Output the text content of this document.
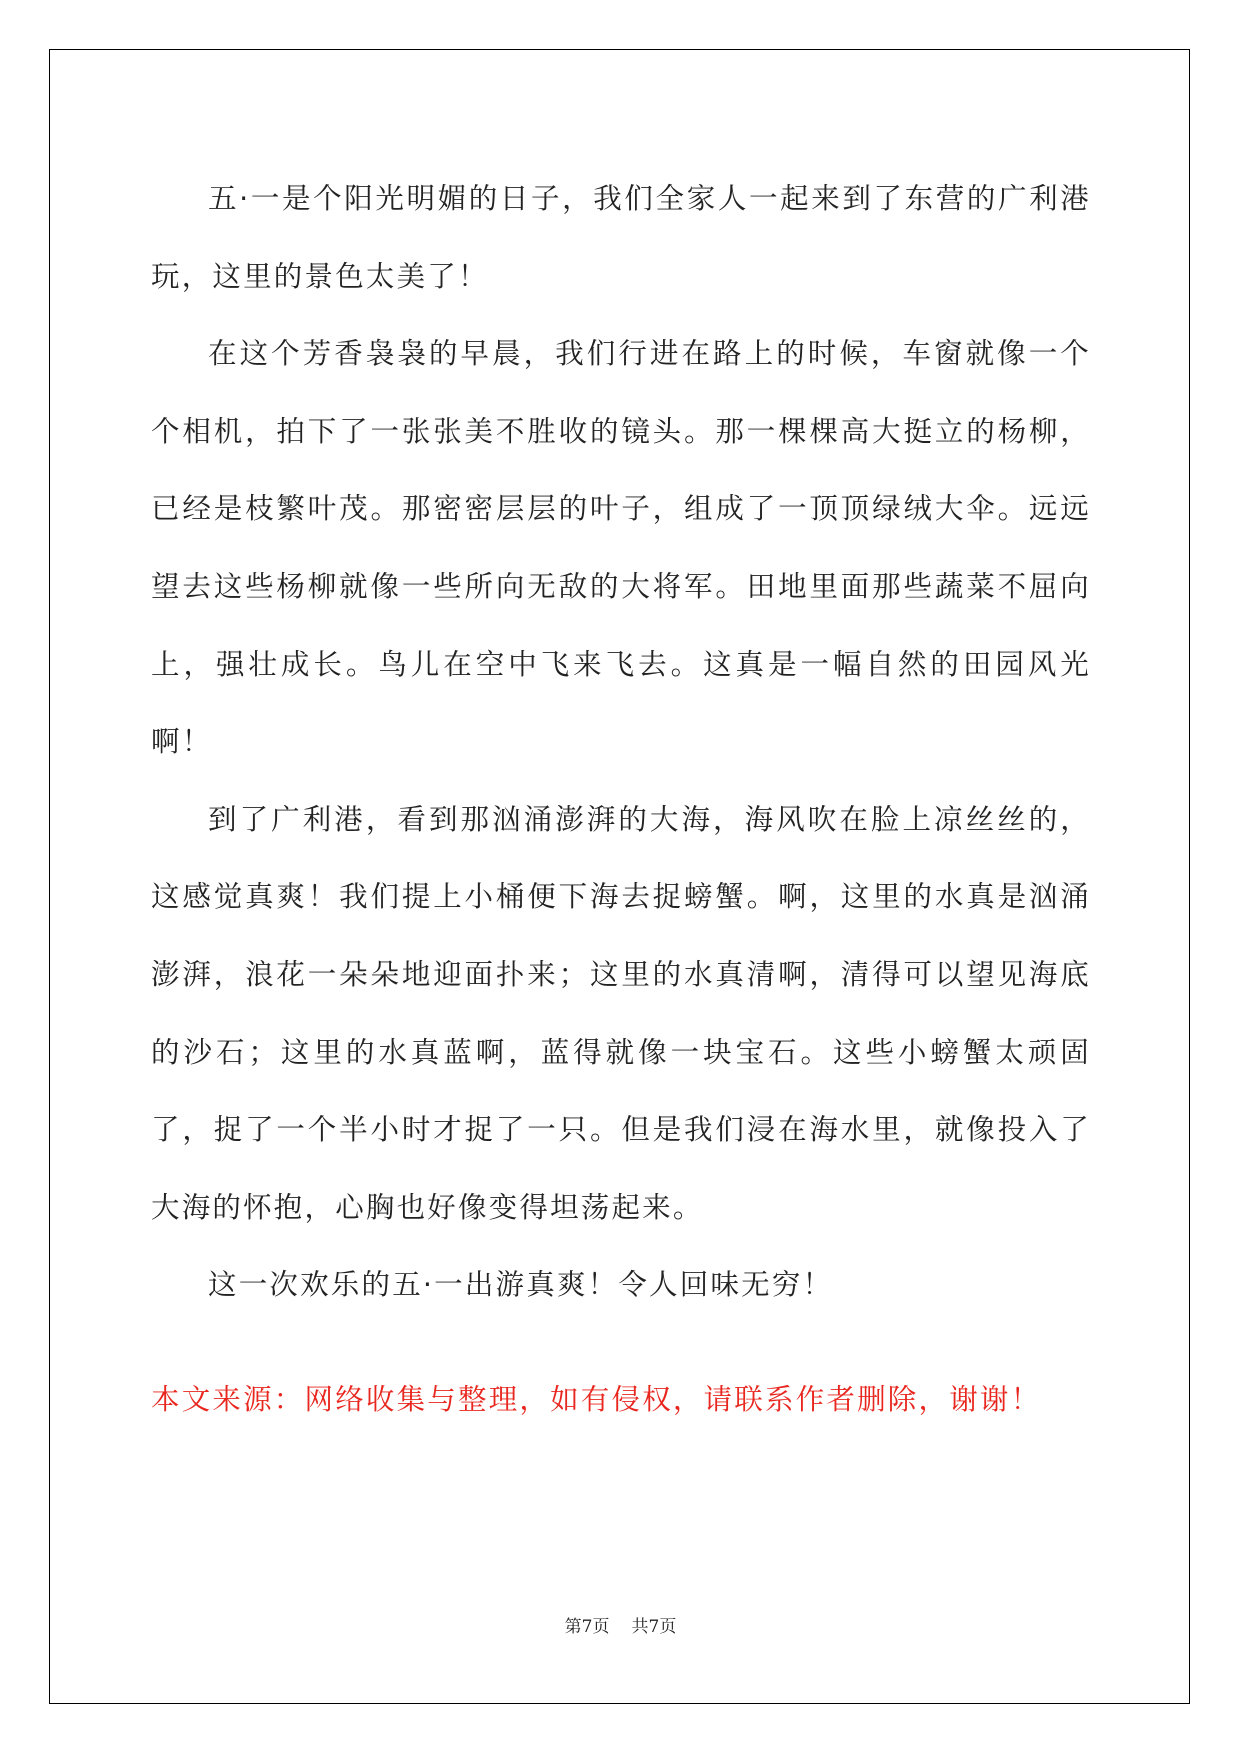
五·一是个阳光明媚的日子，我们全家人一起来到了东营的广利港玩，这里的景色太美了！

在这个芳香袅袅的早晨，我们行进在路上的时候，车窗就像一个个相机，拍下了一张张美不胜收的镜头。那一棵棵高大挺立的杨柳，已经是枝繁叶茂。那密密层层的叶子，组成了一顶顶绿绒大伞。远远望去这些杨柳就像一些所向无敌的大将军。田地里面那些蔬菜不屈向上，强壮成长。鸟儿在空中飞来飞去。这真是一幅自然的田园风光啊！

到了广利港，看到那汹涌澎湃的大海，海风吹在脸上凉丝丝的，这感觉真爽！我们提上小桶便下海去捉螃蟹。啊，这里的水真是汹涌澎湃，浪花一朵朵地迎面扑来；这里的水真清啊，清得可以望见海底的沙石；这里的水真蓝啊，蓝得就像一块宝石。这些小螃蟹太顽固了，捉了一个半小时才捉了一只。但是我们浸在海水里，就像投入了大海的怀抱，心胸也好像变得坦荡起来。

这一次欢乐的五·一出游真爽！令人回味无穷！

本文来源：网络收集与整理，如有侵权，请联系作者删除，谢谢！

第7页 共7页
